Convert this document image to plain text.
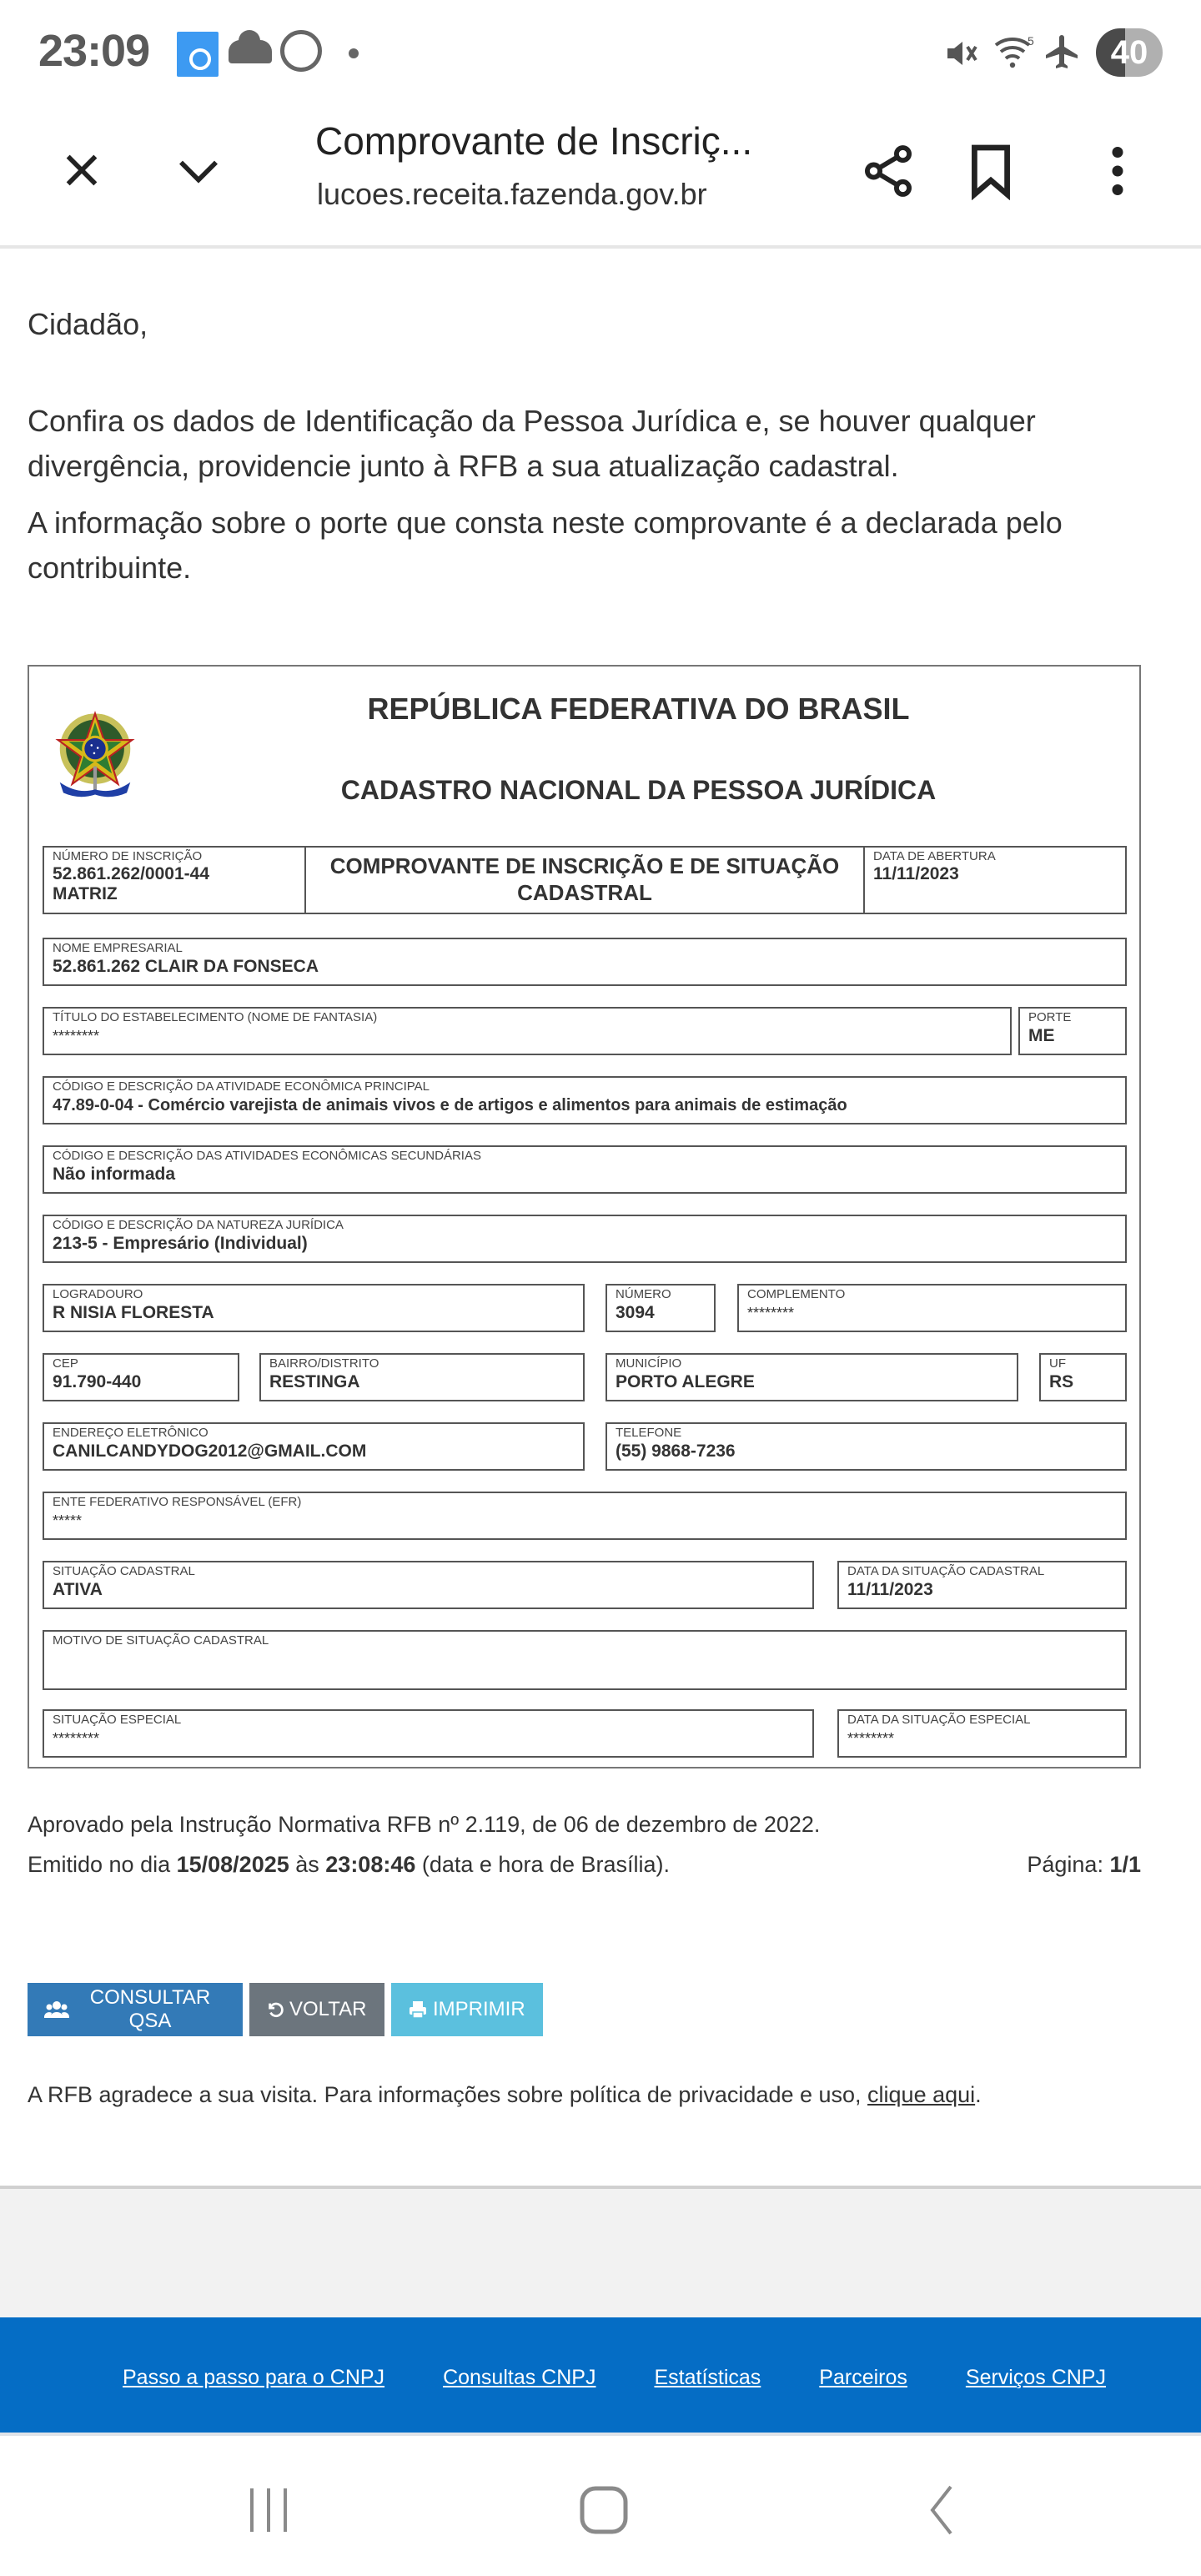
23:09	5	40
Comprovante de Inscriç...
lucoes.receita.fazenda.gov.br

Cidadão,

Confira os dados de Identificação da Pessoa Jurídica e, se houver qualquer divergência, providencie junto à RFB a sua atualização cadastral.

A informação sobre o porte que consta neste comprovante é a declarada pelo contribuinte.

REPÚBLICA FEDERATIVA DO BRASIL
CADASTRO NACIONAL DA PESSOA JURÍDICA
NÚMERO DE INSCRIÇÃO
52.861.262/0001-44
MATRIZ
COMPROVANTE DE INSCRIÇÃO E DE SITUAÇÃO CADASTRAL
DATA DE ABERTURA
11/11/2023
NOME EMPRESARIAL
52.861.262 CLAIR DA FONSECA
TÍTULO DO ESTABELECIMENTO (NOME DE FANTASIA)
********
PORTE
ME
CÓDIGO E DESCRIÇÃO DA ATIVIDADE ECONÔMICA PRINCIPAL
47.89-0-04 - Comércio varejista de animais vivos e de artigos e alimentos para animais de estimação
CÓDIGO E DESCRIÇÃO DAS ATIVIDADES ECONÔMICAS SECUNDÁRIAS
Não informada
CÓDIGO E DESCRIÇÃO DA NATUREZA JURÍDICA
213-5 - Empresário (Individual)
LOGRADOURO
R NISIA FLORESTA
NÚMERO
3094
COMPLEMENTO
********
CEP
91.790-440
BAIRRO/DISTRITO
RESTINGA
MUNICÍPIO
PORTO ALEGRE
UF
RS
ENDEREÇO ELETRÔNICO
CANILCANDYDOG2012@GMAIL.COM
TELEFONE
(55) 9868-7236
ENTE FEDERATIVO RESPONSÁVEL (EFR)
*****
SITUAÇÃO CADASTRAL
ATIVA
DATA DA SITUAÇÃO CADASTRAL
11/11/2023
MOTIVO DE SITUAÇÃO CADASTRAL
SITUAÇÃO ESPECIAL
********
DATA DA SITUAÇÃO ESPECIAL
********
Aprovado pela Instrução Normativa RFB nº 2.119, de 06 de dezembro de 2022.
Emitido no dia 15/08/2025 às 23:08:46 (data e hora de Brasília).	Página: 1/1
CONSULTAR QSA
VOLTAR	IMPRIMIR
A RFB agradece a sua visita. Para informações sobre política de privacidade e uso, clique aqui.
Passo a passo para o CNPJ	Consultas CNPJ	Estatísticas	Parceiros	Serviços CNPJ
